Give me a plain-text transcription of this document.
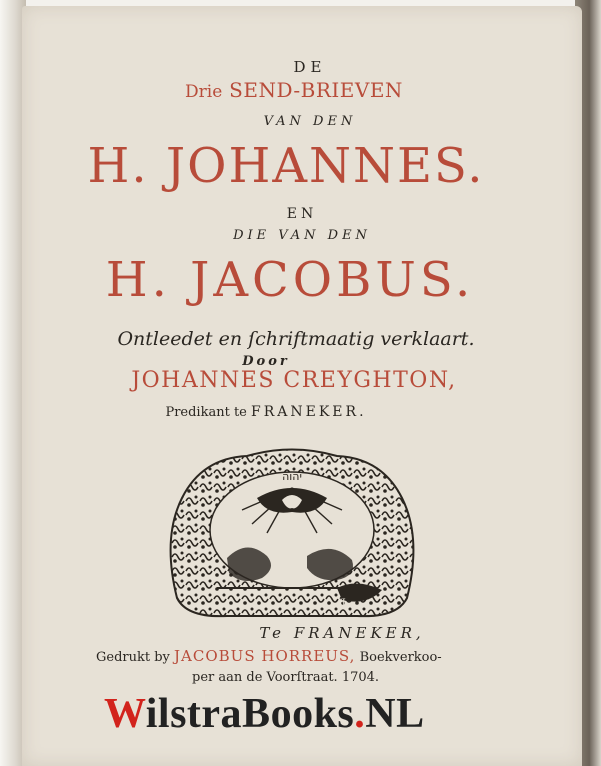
DE
Drie SEND-BRIEVEN
VAN DEN
H. JOHANNES.
EN
DIE VAN DEN
H. JACOBUS.
Ontleedet en ſchriftmaatig verklaart.
Door
JOHANNES CREYGHTON,
Predikant te FRANEKER.
יהוה
H
Te FRANEKER,
Gedrukt by JACOBUS HORREUS, Boekverkoo-
per aan de Voorſtraat. 1704.
WilstraBooks.NL
